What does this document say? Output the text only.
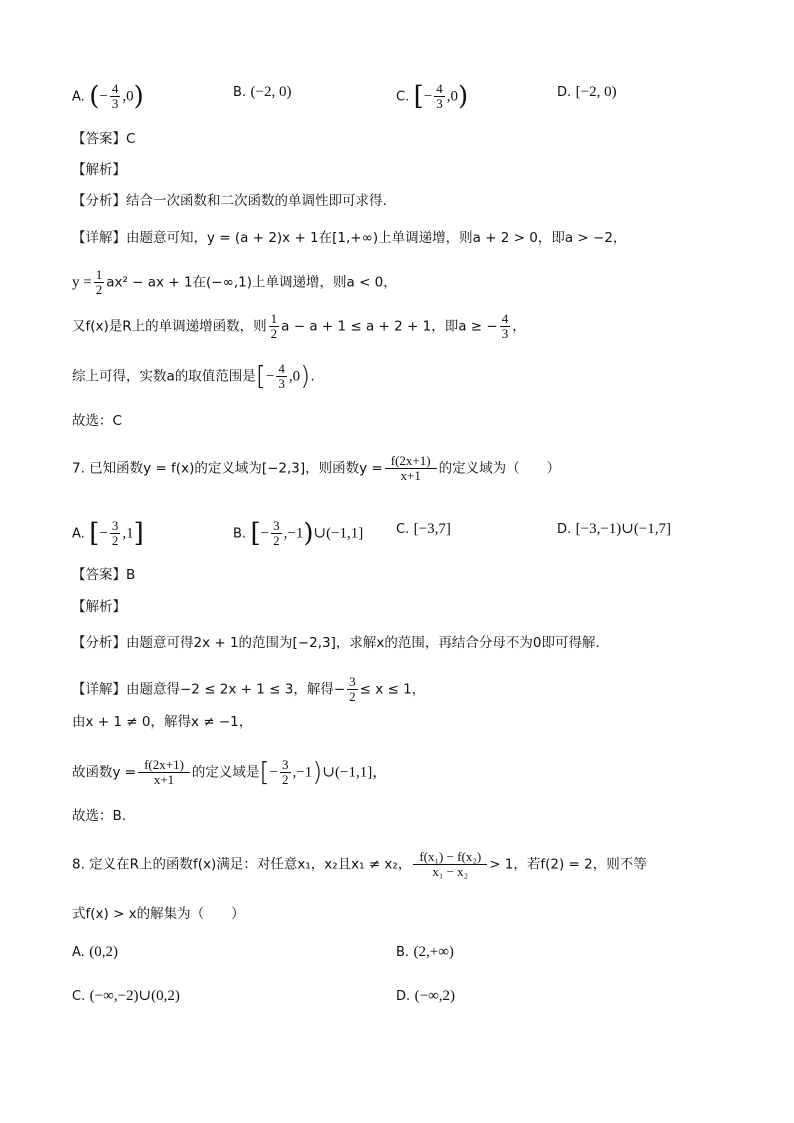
A. (− $\frac{4}{3} ,0$)	B. (−2, 0)	C. [− $\frac{4}{3} ,0$)	D. [−2, 0)
【答案】C
【解析】
【分析】结合一次函数和二次函数的单调性即可求得.
【详解】由题意可知，y = (a + 2)x + 1在[1,+∞)上单调递增，则a + 2 > 0，即a > −2，
$y = \frac{1}{2} ax^2$ − ax + 1在(−∞,1)上单调递增，则a < 0，
又f(x)是R上的单调递增函数，则 $\frac{1}{2}$ a − a + 1 ≤ a + 2 + 1，即a ≥ − $\frac{4}{3}$ ，
综上可得，实数a的取值范围是[− $\frac{4}{3} ,0$).
故选：C
7. 已知函数y = f(x)的定义域为[−2,3]，则函数$y = \frac{f(2x+1)}{x+1}$ 的定义域为（　　）
A. [− $\frac{3}{2} ,1$]	B. [− $\frac{3}{2}$ ,−1)∪(−1,1]	C. [−3,7]	D. [−3,−1)∪(−1,7]
【答案】B
【解析】
【分析】由题意可得2x + 1的范围为[−2,3]，求解x的范围，再结合分母不为0即可得解.
【详解】由题意得−2 ≤ 2x + 1 ≤ 3，解得− $\frac{3}{2} \le x \le 1$，
由x + 1 ≠ 0，解得x ≠ −1，
故函数$y = \frac{f(2x+1)}{x+1}$ 的定义域是[− $\frac{3}{2}$ ,−1)∪(−1,1]，
故选：B.
8. 定义在R上的函数f(x)满足：对任意x₁，x₂且x₁ ≠ x₂， $\frac{\text{f(x₁) − f(x₂)}}{\text{x₁ − x₂}} > 1$，若f(2) = 2，则不等
式f(x) > x的解集为（　　）
A. (0,2)	B. (2,+∞)
C. (−∞,−2)∪(0,2)	D. (−∞,2)
